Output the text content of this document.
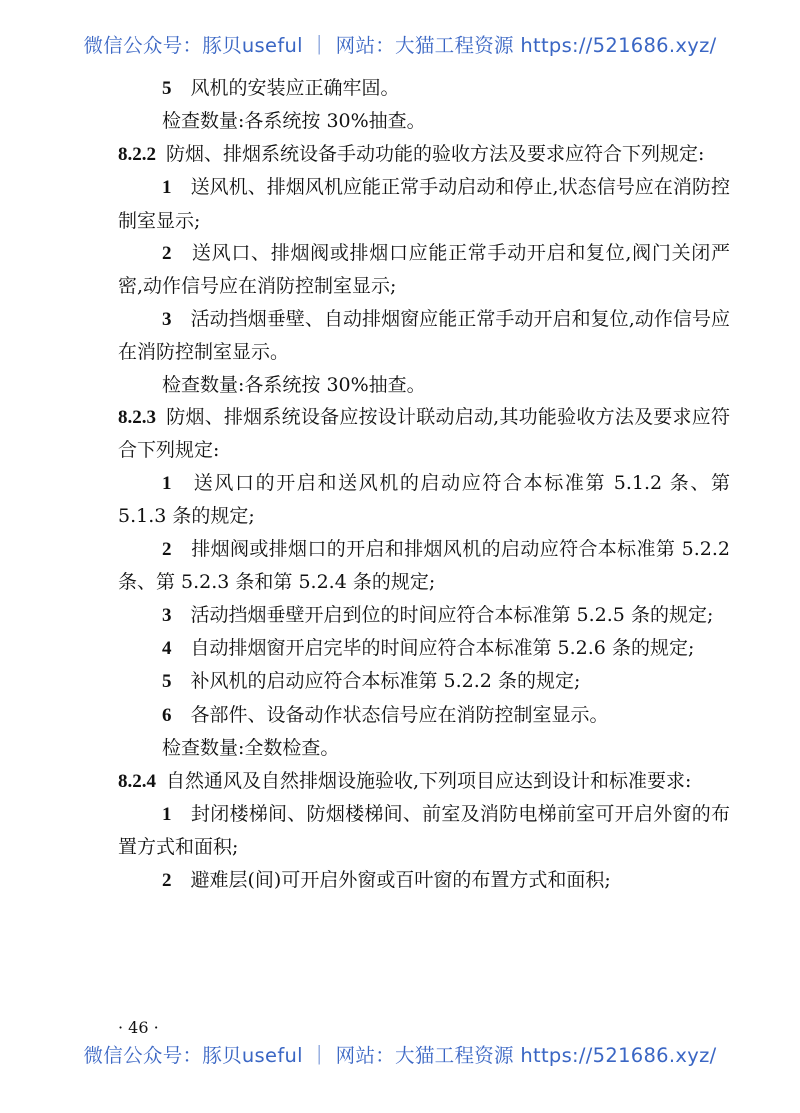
微信公众号：豚贝useful ｜ 网站：大猫工程资源 https://521686.xyz/

5　 风机的安装应正确牢固。

检查数量:各系统按 30%抽查。

8.2.2 防烟、排烟系统设备手动功能的验收方法及要求应符合下列规定:

1　 送风机、排烟风机应能正常手动启动和停止,状态信号应在消防控制室显示;

2　 送风口、排烟阀或排烟口应能正常手动开启和复位,阀门关闭严密,动作信号应在消防控制室显示;

3　 活动挡烟垂壁、自动排烟窗应能正常手动开启和复位,动作信号应在消防控制室显示。

检查数量:各系统按 30%抽查。

8.2.3 防烟、排烟系统设备应按设计联动启动,其功能验收方法及要求应符合下列规定:

1　 送风口的开启和送风机的启动应符合本标准第 5.1.2 条、第 5.1.3 条的规定;

2　 排烟阀或排烟口的开启和排烟风机的启动应符合本标准第 5.2.2 条、第 5.2.3 条和第 5.2.4 条的规定;

3　 活动挡烟垂壁开启到位的时间应符合本标准第 5.2.5 条的规定;

4　 自动排烟窗开启完毕的时间应符合本标准第 5.2.6 条的规定;

5　 补风机的启动应符合本标准第 5.2.2 条的规定;

6　 各部件、设备动作状态信号应在消防控制室显示。

检查数量:全数检查。

8.2.4 自然通风及自然排烟设施验收,下列项目应达到设计和标准要求:

1　 封闭楼梯间、防烟楼梯间、前室及消防电梯前室可开启外窗的布置方式和面积;

2　 避难层(间)可开启外窗或百叶窗的布置方式和面积;

· 46 ·
微信公众号：豚贝useful ｜ 网站：大猫工程资源 https://521686.xyz/
